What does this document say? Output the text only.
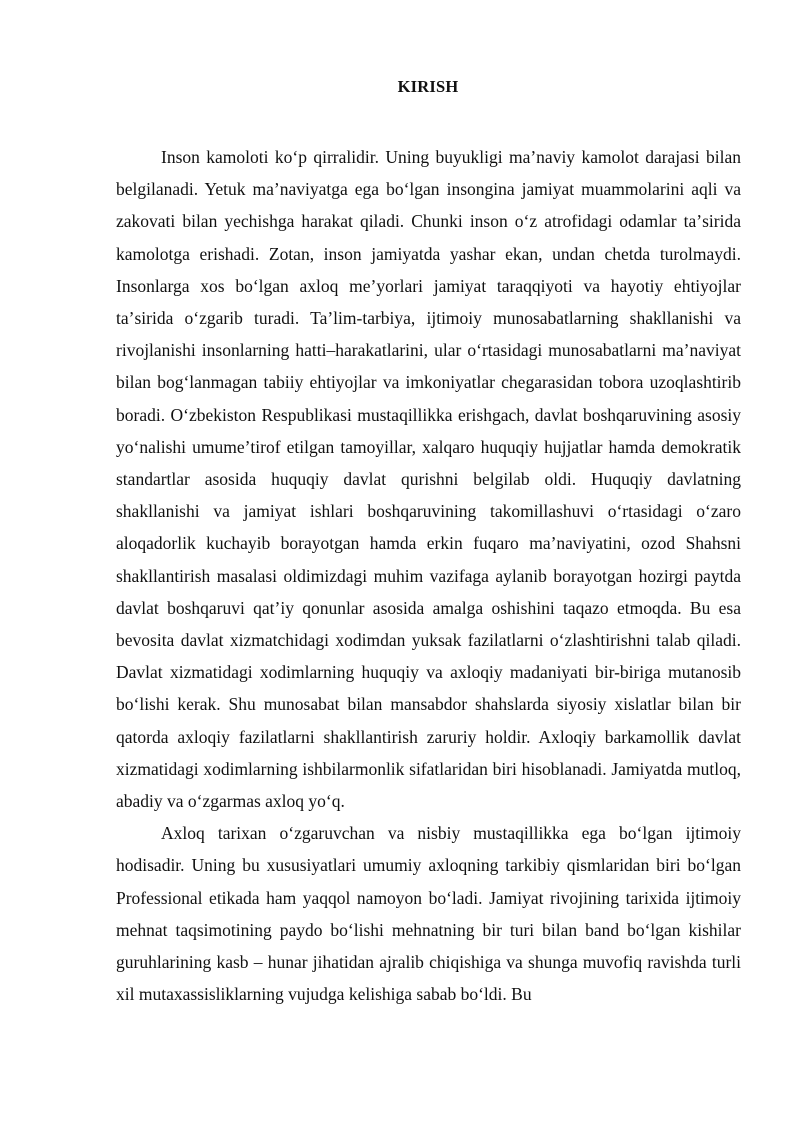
KIRISH

Inson kamoloti koʻp qirralidir. Uning buyukligi maʼnaviy kamolot darajasi bilan belgilanadi. Yetuk maʼnaviyatga ega boʻlgan insongina jamiyat muammolarini aqli va zakovati bilan yechishga harakat qiladi. Chunki inson oʻz atrofidagi odamlar taʼsirida kamolotga erishadi. Zotan, inson jamiyatda yashar ekan, undan chetda turolmaydi. Insonlarga xos boʻlgan axloq meʼyorlari jamiyat taraqqiyoti va hayotiy ehtiyojlar taʼsirida oʻzgarib turadi. Taʼlim-tarbiya, ijtimoiy munosabatlarning shakllanishi va rivojlanishi insonlarning hatti–harakatlarini, ular oʻrtasidagi munosabatlarni maʼnaviyat bilan bogʻlanmagan tabiiy ehtiyojlar va imkoniyatlar chegarasidan tobora uzoqlashtirib boradi. Oʻzbekiston Respublikasi mustaqillikka erishgach, davlat boshqaruvining asosiy yoʻnalishi umumeʼtirof etilgan tamoyillar, xalqaro huquqiy hujjatlar hamda demokratik standartlar asosida huquqiy davlat qurishni belgilab oldi. Huquqiy davlatning shakllanishi va jamiyat ishlari boshqaruvining takomillashuvi oʻrtasidagi oʻzaro aloqadorlik kuchayib borayotgan hamda erkin fuqaro maʼnaviyatini, ozod Shahsni shakllantirish masalasi oldimizdagi muhim vazifaga aylanib borayotgan hozirgi paytda davlat boshqaruvi qatʼiy qonunlar asosida amalga oshishini taqazo etmoqda. Bu esa bevosita davlat xizmatchidagi xodimdan yuksak fazilatlarni oʻzlashtirishni talab qiladi. Davlat xizmatidagi xodimlarning huquqiy va axloqiy madaniyati bir-biriga mutanosib boʻlishi kerak. Shu munosabat bilan mansabdor shahslarda siyosiy xislatlar bilan bir qatorda axloqiy fazilatlarni shakllantirish zaruriy holdir. Axloqiy barkamollik davlat xizmatidagi xodimlarning ishbilarmonlik sifatlaridan biri hisoblanadi. Jamiyatda mutloq, abadiy va oʻzgarmas axloq yoʻq.

Axloq tarixan oʻzgaruvchan va nisbiy mustaqillikka ega boʻlgan ijtimoiy hodisadir. Uning bu xususiyatlari umumiy axloqning tarkibiy qismlaridan biri boʻlgan Professional etikada ham yaqqol namoyon boʻladi. Jamiyat rivojining tarixida ijtimoiy mehnat taqsimotining paydo boʻlishi mehnatning bir turi bilan band boʻlgan kishilar guruhlarining kasb – hunar jihatidan ajralib chiqishiga va shunga muvofiq ravishda turli xil mutaxassisliklarning vujudga kelishiga sabab boʻldi. Bu
